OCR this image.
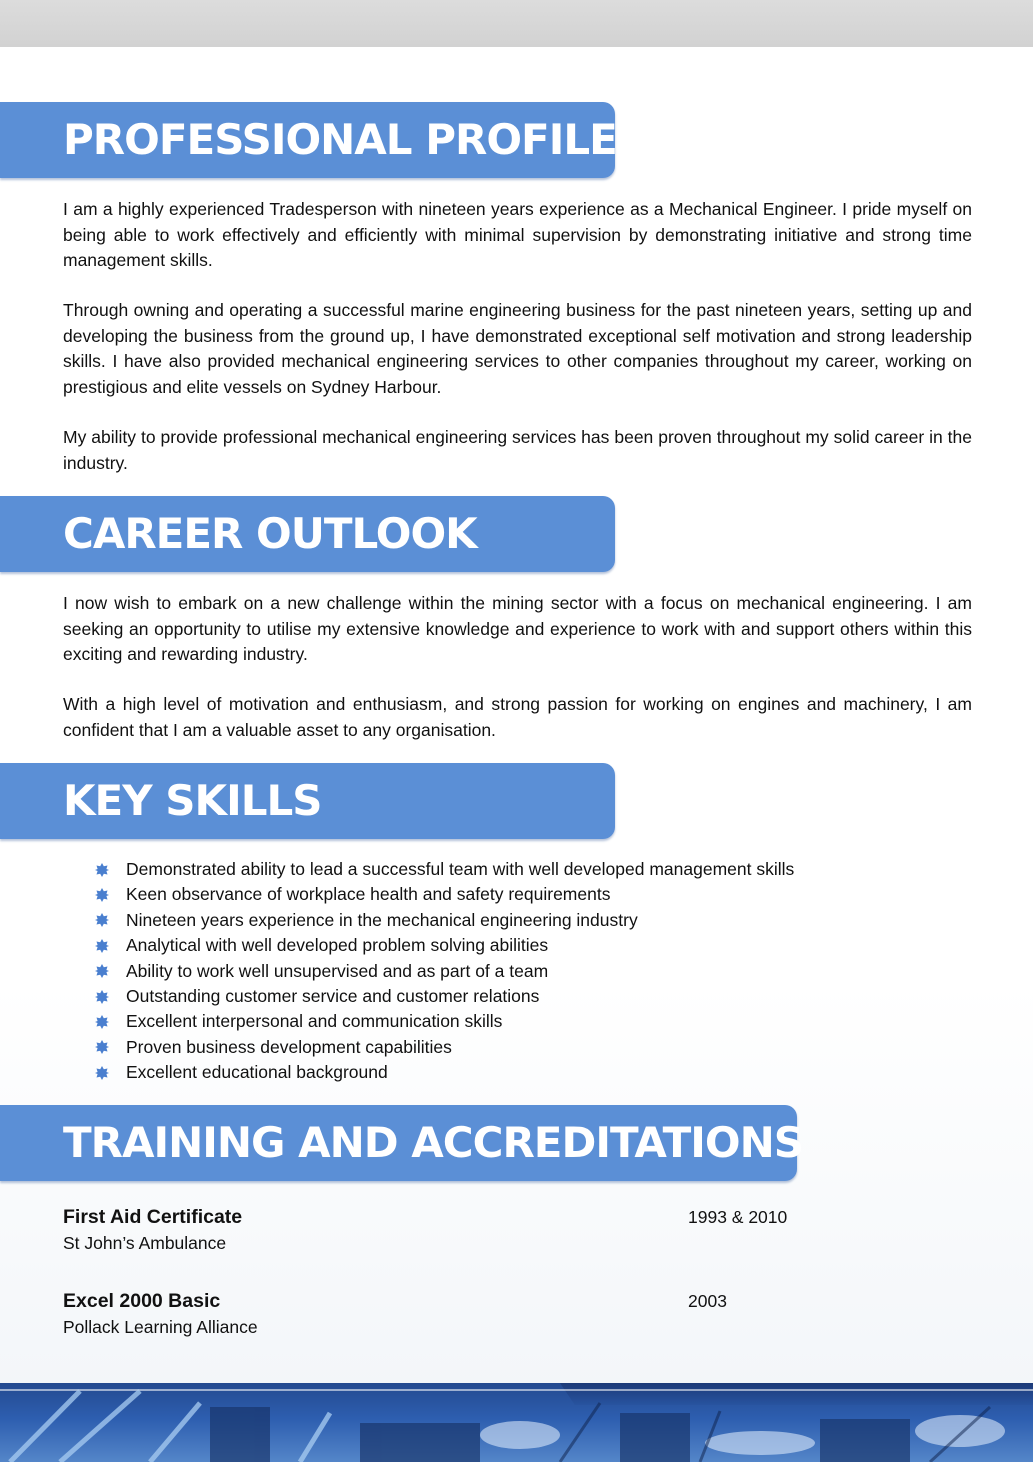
PROFESSIONAL PROFILE

I am a highly experienced Tradesperson with nineteen years experience as a Mechanical Engineer. I pride myself on being able to work effectively and efficiently with minimal supervision by demonstrating initiative and strong time management skills.

Through owning and operating a successful marine engineering business for the past nineteen years, setting up and developing the business from the ground up, I have demonstrated exceptional self motivation and strong leadership skills. I have also provided mechanical engineering services to other companies throughout my career, working on prestigious and elite vessels on Sydney Harbour.

My ability to provide professional mechanical engineering services has been proven throughout my solid career in the industry.

CAREER OUTLOOK

I now wish to embark on a new challenge within the mining sector with a focus on mechanical engineering. I am seeking an opportunity to utilise my extensive knowledge and experience to work with and support others within this exciting and rewarding industry.

With a high level of motivation and enthusiasm, and strong passion for working on engines and machinery, I am confident that I am a valuable asset to any organisation.

KEY SKILLS
Demonstrated ability to lead a successful team with well developed management skills
Keen observance of workplace health and safety requirements
Nineteen years experience in the mechanical engineering industry
Analytical with well developed problem solving abilities
Ability to work well unsupervised and as part of a team
Outstanding customer service and customer relations
Excellent interpersonal and communication skills
Proven business development capabilities
Excellent educational background
TRAINING AND ACCREDITATIONS
First Aid Certificate
St John’s Ambulance
1993 & 2010
Excel 2000 Basic
Pollack Learning Alliance
2003
